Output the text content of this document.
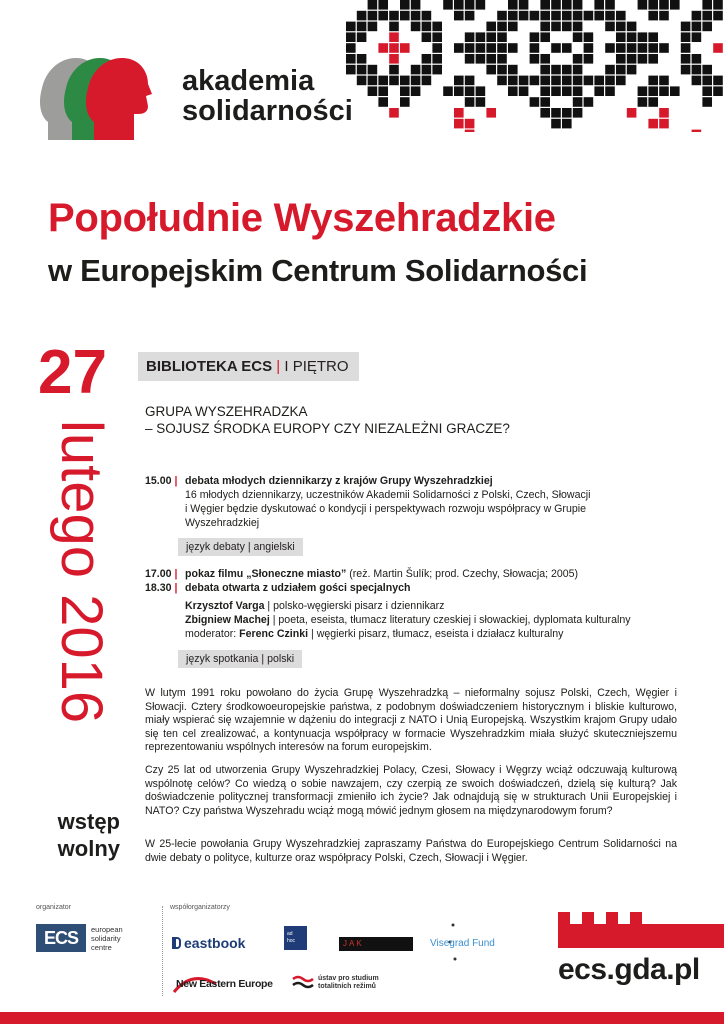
akademia
solidarności
Popołudnie Wyszehradzkie
w Europejskim Centrum Solidarności
27
lutego 2016
wstęp
wolny
BIBLIOTEKA ECS | I PIĘTRO
GRUPA WYSZEHRADZKA
– SOJUSZ ŚRODKA EUROPY CZY NIEZALEŻNI GRACZE?
15.00 | debata młodych dziennikarzy z krajów Grupy Wyszehradzkiej
16 młodych dziennikarzy, uczestników Akademii Solidarności z Polski, Czech, Słowacji
i Węgier będzie dyskutować o kondycji i perspektywach rozwoju współpracy w Grupie
Wyszehradzkiej
język debaty | angielski
17.00 | pokaz filmu „Słoneczne miasto” (reż. Martin Šulík; prod. Czechy, Słowacja; 2005)
18.30 | debata otwarta z udziałem gości specjalnych
Krzysztof Varga | polsko-węgierski pisarz i dziennikarz
Zbigniew Machej | poeta, eseista, tłumacz literatury czeskiej i słowackiej, dyplomata kulturalny
moderator: Ferenc Czinki | węgierki pisarz, tłumacz, eseista i działacz kulturalny
język spotkania | polski
W lutym 1991 roku powołano do życia Grupę Wyszehradzką – nieformalny sojusz Polski, Czech, Węgier i Słowacji. Cztery środkowoeuropejskie państwa, z podobnym doświadczeniem historycznym i bliskie kulturowo, miały wspierać się wzajemnie w dążeniu do integracji z NATO i Unią Europejską. Wszystkim krajom Grupy udało się ten cel zrealizować, a kontynuacja współpracy w formacie Wyszehradzkim miała służyć skuteczniejszemu reprezentowaniu wspólnych interesów na forum europejskim.
Czy 25 lat od utworzenia Grupy Wyszehradzkiej Polacy, Czesi, Słowacy i Węgrzy wciąż odczuwają kulturową wspólnotę celów? Co wiedzą o sobie nawzajem, czy czerpią ze swoich doświadczeń, dzielą się kulturą? Jak doświadczenie politycznej transformacji zmieniło ich życie? Jak odnajdują się w strukturach Unii Europejskiej i NATO? Czy państwa Wyszehradu wciąż mogą mówić jednym głosem na międzynarodowym forum?
W 25-lecie powołania Grupy Wyszehradzkiej zapraszamy Państwa do Europejskiego Centrum Solidarności na dwie debaty o polityce, kulturze oraz współpracy Polski, Czech, Słowacji i Węgier.
organizator	współorganizatorzy
ECS	european
solidarity
centre	eastbook
ad
hoc	JAK	Visegrad Fund
New Eastern Europe	ústav pro studium
totalitních režimů
ecs.gda.pl
